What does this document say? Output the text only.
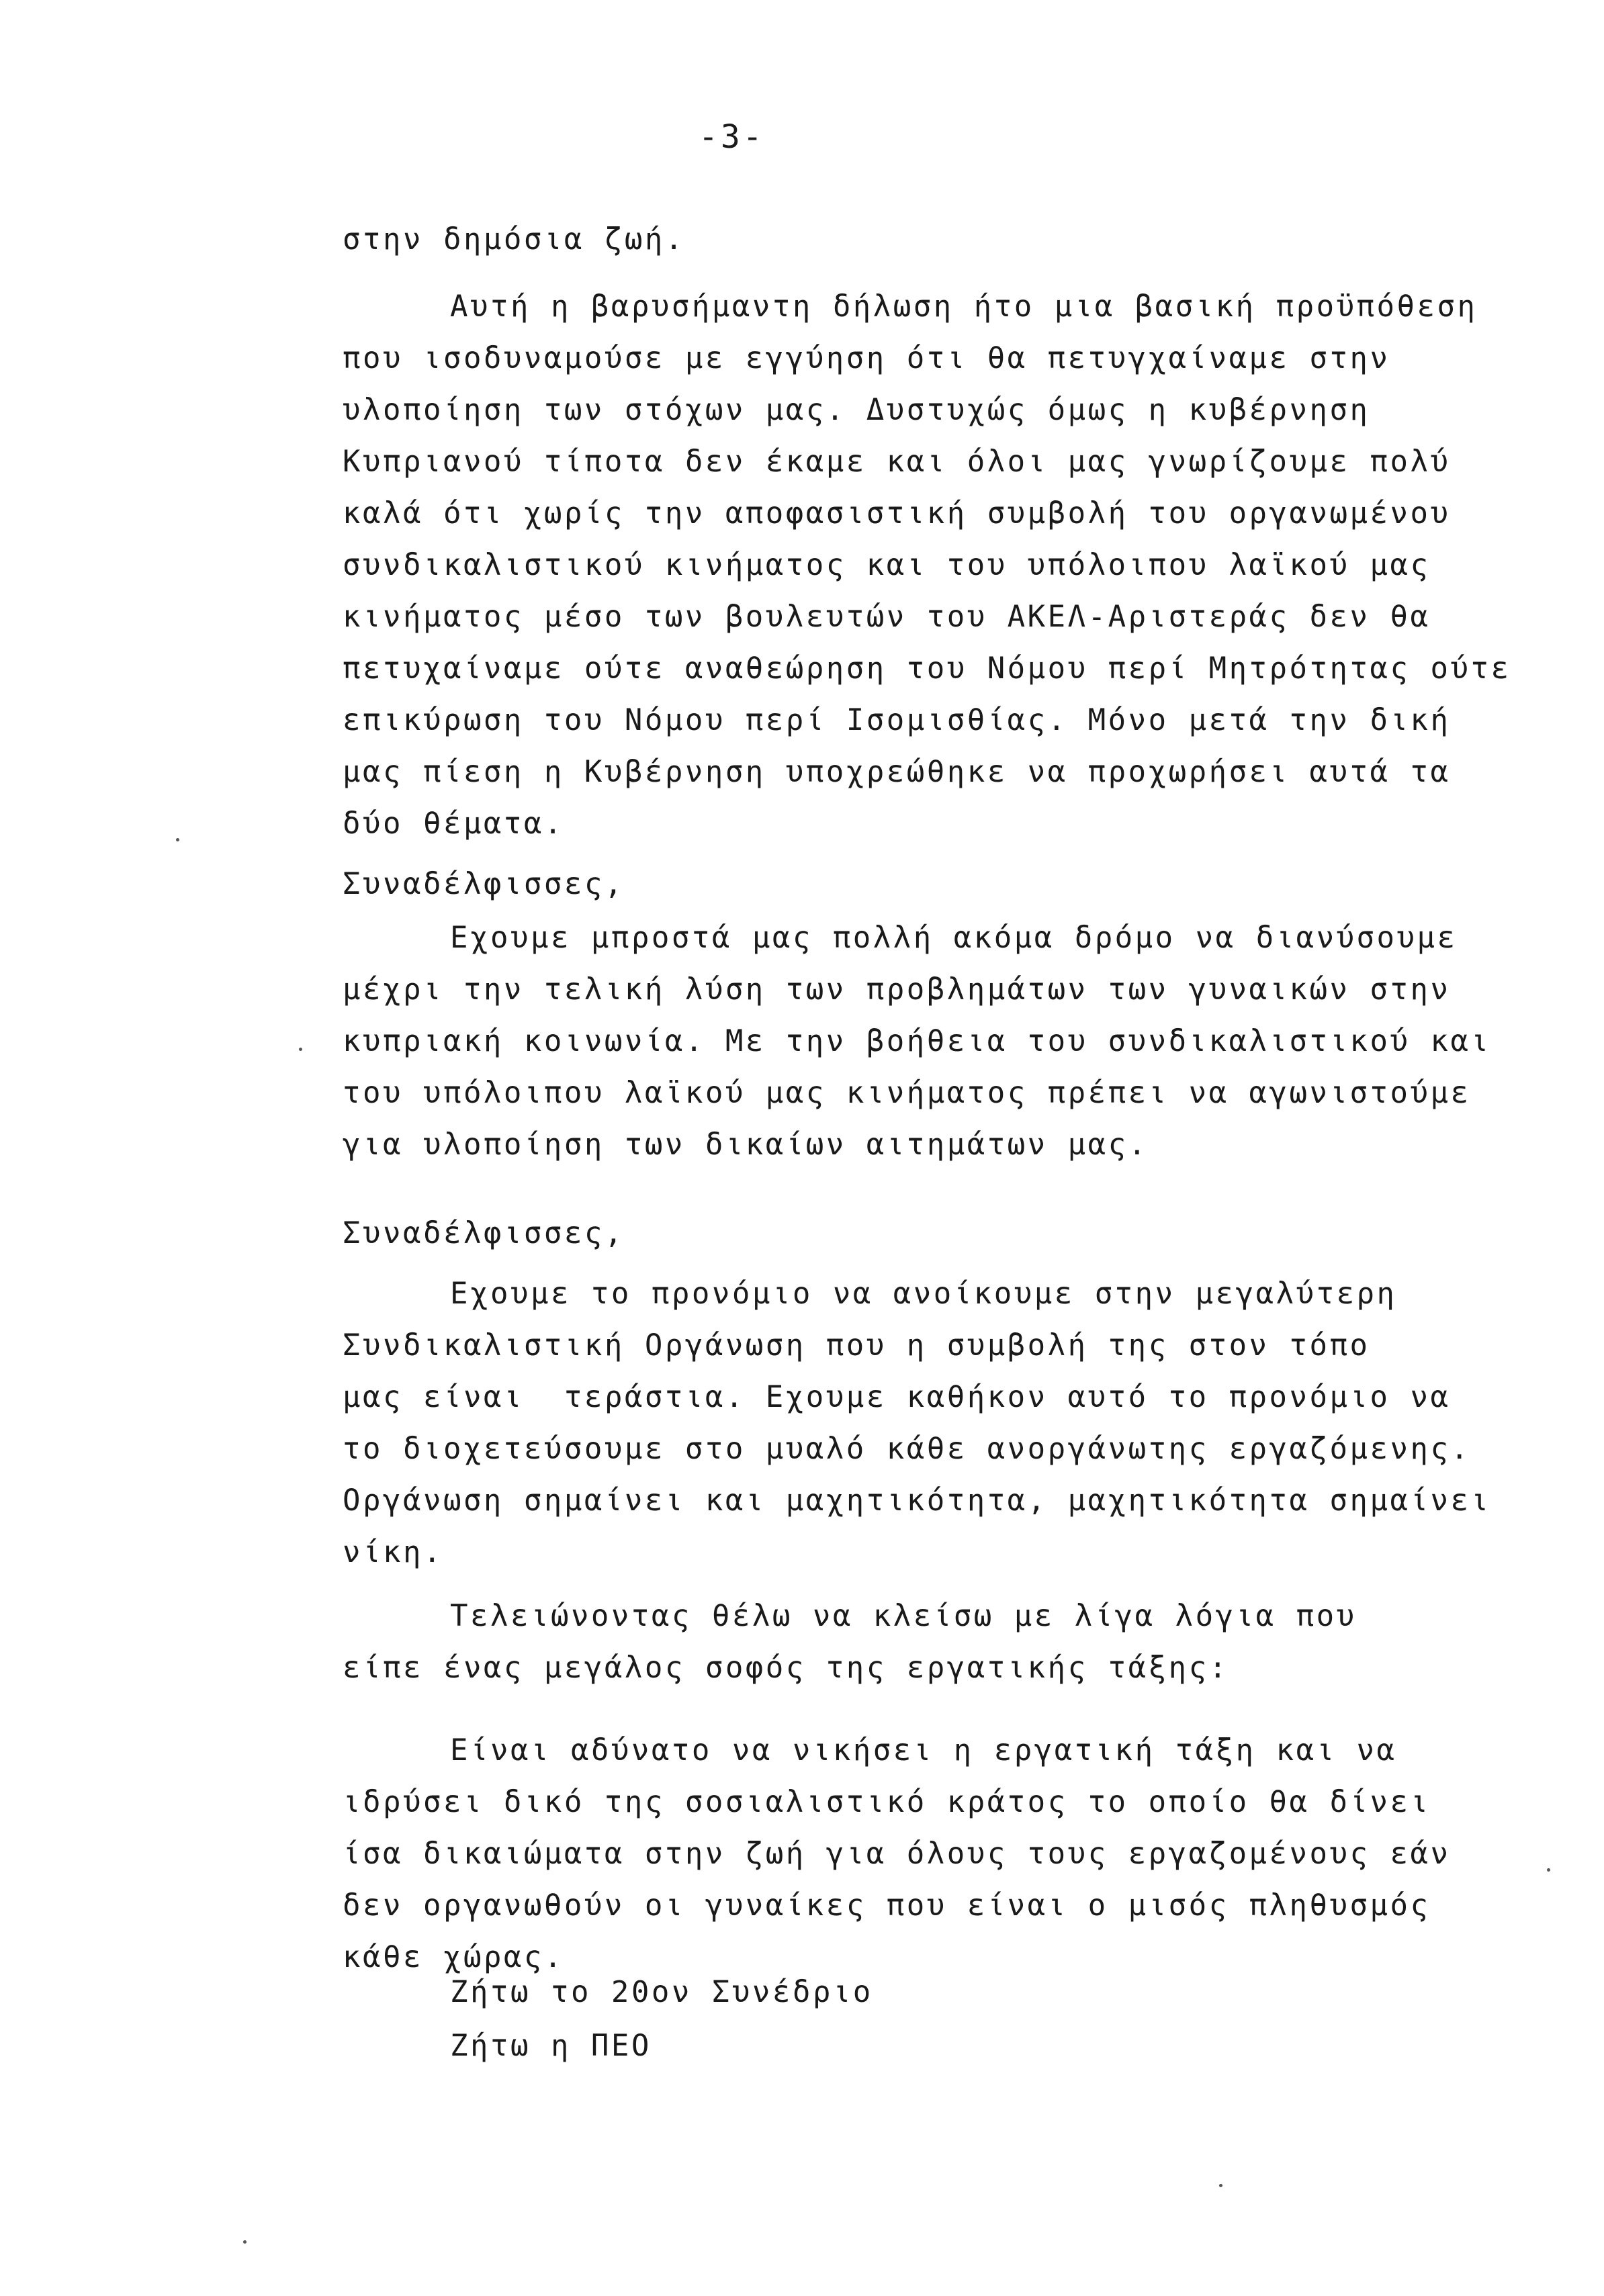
-3-
στην δημόσια ζωή.
Αυτή η βαρυσήμαντη δήλωση ήτο μια βασική προϋπόθεση
που ισοδυναμούσε με εγγύηση ότι θα πετυγχαίναμε στην
υλοποίηση των στόχων μας. Δυστυχώς όμως η κυβέρνηση
Κυπριανού τίποτα δεν έκαμε και όλοι μας γνωρίζουμε πολύ
καλά ότι χωρίς την αποφασιστική συμβολή του οργανωμένου
συνδικαλιστικού κινήματος και του υπόλοιπου λαϊκού μας
κινήματος μέσο των βουλευτών του ΑΚΕΛ-Αριστεράς δεν θα
πετυχαίναμε ούτε αναθεώρηση του Νόμου περί Μητρότητας ούτε
επικύρωση του Νόμου περί Ισομισθίας. Μόνο μετά την δική
μας πίεση η Κυβέρνηση υποχρεώθηκε να προχωρήσει αυτά τα
δύο θέματα.
Συναδέλφισσες,
Εχουμε μπροστά μας πολλή ακόμα δρόμο να διανύσουμε
μέχρι την τελική λύση των προβλημάτων των γυναικών στην
κυπριακή κοινωνία. Με την βοήθεια του συνδικαλιστικού και
του υπόλοιπου λαϊκού μας κινήματος πρέπει να αγωνιστούμε
για υλοποίηση των δικαίων αιτημάτων μας.
Συναδέλφισσες,
Εχουμε το προνόμιο να ανοίκουμε στην μεγαλύτερη
Συνδικαλιστική Οργάνωση που η συμβολή της στον τόπο
μας είναι  τεράστια. Εχουμε καθήκον αυτό το προνόμιο να
το διοχετεύσουμε στο μυαλό κάθε ανοργάνωτης εργαζόμενης.
Οργάνωση σημαίνει και μαχητικότητα, μαχητικότητα σημαίνει
νίκη.
Τελειώνοντας θέλω να κλείσω με λίγα λόγια που
είπε ένας μεγάλος σοφός της εργατικής τάξης:
Είναι αδύνατο να νικήσει η εργατική τάξη και να
ιδρύσει δικό της σοσιαλιστικό κράτος το οποίο θα δίνει
ίσα δικαιώματα στην ζωή για όλους τους εργαζομένους εάν
δεν οργανωθούν οι γυναίκες που είναι ο μισός πληθυσμός
κάθε χώρας.
Ζήτω το 20ον Συνέδριο
Ζήτω η ΠΕΟ
